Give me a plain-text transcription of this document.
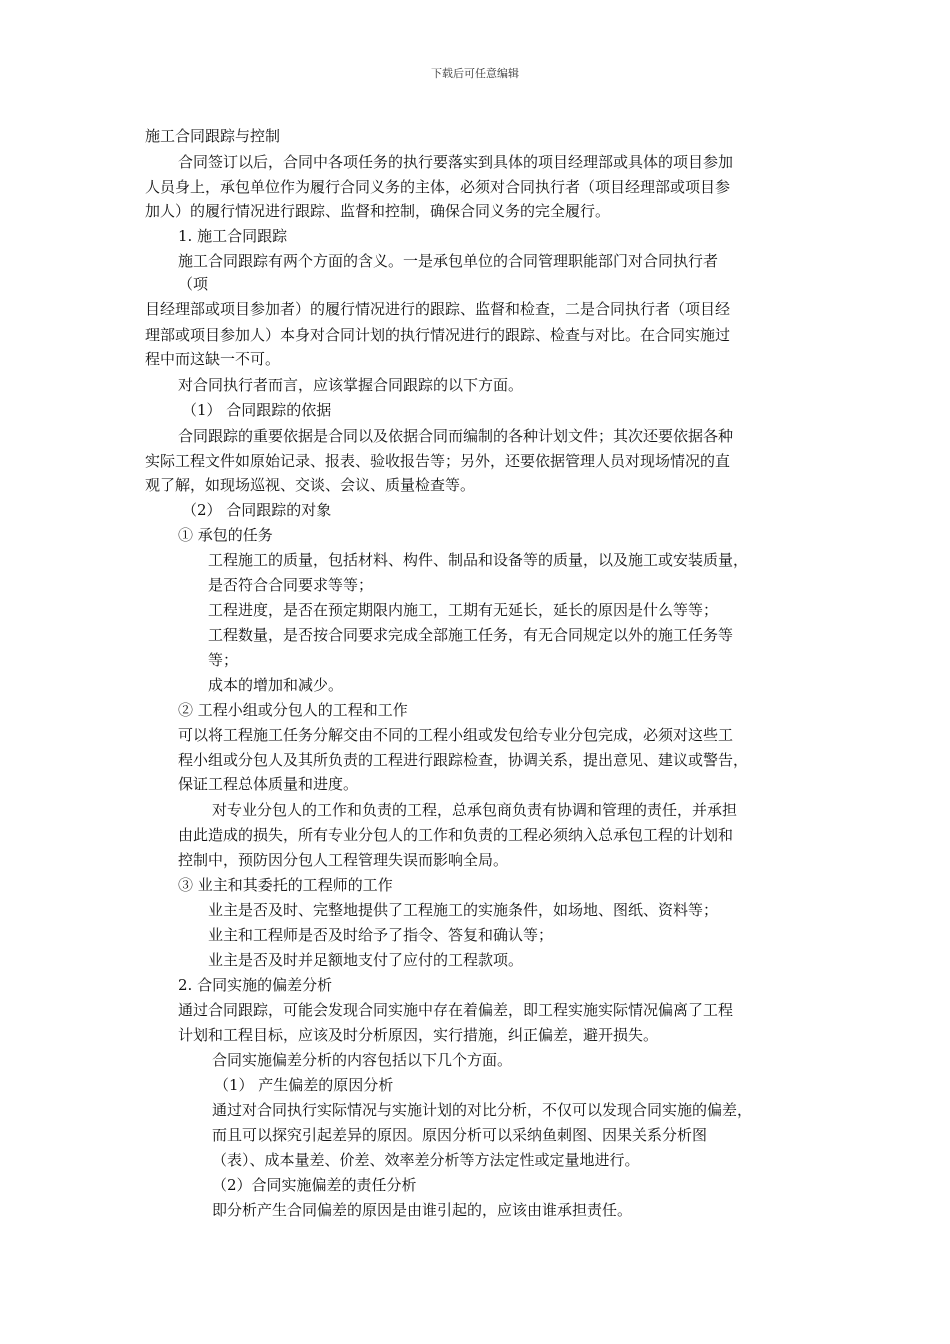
下载后可任意编辑
施工合同跟踪与控制
合同签订以后，合同中各项任务的执行要落实到具体的项目经理部或具体的项目参加
人员身上，承包单位作为履行合同义务的主体，必须对合同执行者（项目经理部或项目参
加人）的履行情况进行跟踪、监督和控制，确保合同义务的完全履行。
1. 施工合同跟踪
施工合同跟踪有两个方面的含义。一是承包单位的合同管理职能部门对合同执行者
（项
目经理部或项目参加者）的履行情况进行的跟踪、监督和检查，二是合同执行者（项目经
理部或项目参加人）本身对合同计划的执行情况进行的跟踪、检查与对比。在合同实施过
程中而这缺一不可。
对合同执行者而言，应该掌握合同跟踪的以下方面。
（1） 合同跟踪的依据
合同跟踪的重要依据是合同以及依据合同而编制的各种计划文件；其次还要依据各种
实际工程文件如原始记录、报表、验收报告等；另外，还要依据管理人员对现场情况的直
观了解，如现场巡视、交谈、会议、质量检查等。
（2） 合同跟踪的对象
① 承包的任务
工程施工的质量，包括材料、构件、制品和设备等的质量，以及施工或安装质量，
是否符合合同要求等等；
工程进度，是否在预定期限内施工，工期有无延长，延长的原因是什么等等；
工程数量，是否按合同要求完成全部施工任务，有无合同规定以外的施工任务等
等；
成本的增加和减少。
② 工程小组或分包人的工程和工作
可以将工程施工任务分解交由不同的工程小组或发包给专业分包完成，必须对这些工
程小组或分包人及其所负责的工程进行跟踪检查，协调关系，提出意见、建议或警告，
保证工程总体质量和进度。
对专业分包人的工作和负责的工程，总承包商负责有协调和管理的责任，并承担
由此造成的损失，所有专业分包人的工作和负责的工程必须纳入总承包工程的计划和
控制中，预防因分包人工程管理失误而影响全局。
③ 业主和其委托的工程师的工作
业主是否及时、完整地提供了工程施工的实施条件，如场地、图纸、资料等；
业主和工程师是否及时给予了指令、答复和确认等；
业主是否及时并足额地支付了应付的工程款项。
2. 合同实施的偏差分析
通过合同跟踪，可能会发现合同实施中存在着偏差，即工程实施实际情况偏离了工程
计划和工程目标，应该及时分析原因，实行措施，纠正偏差，避开损失。
合同实施偏差分析的内容包括以下几个方面。
（1） 产生偏差的原因分析
通过对合同执行实际情况与实施计划的对比分析，不仅可以发现合同实施的偏差，
而且可以探究引起差异的原因。原因分析可以采纳鱼刺图、因果关系分析图
（表）、成本量差、价差、效率差分析等方法定性或定量地进行。
（2）合同实施偏差的责任分析
即分析产生合同偏差的原因是由谁引起的，应该由谁承担责任。
